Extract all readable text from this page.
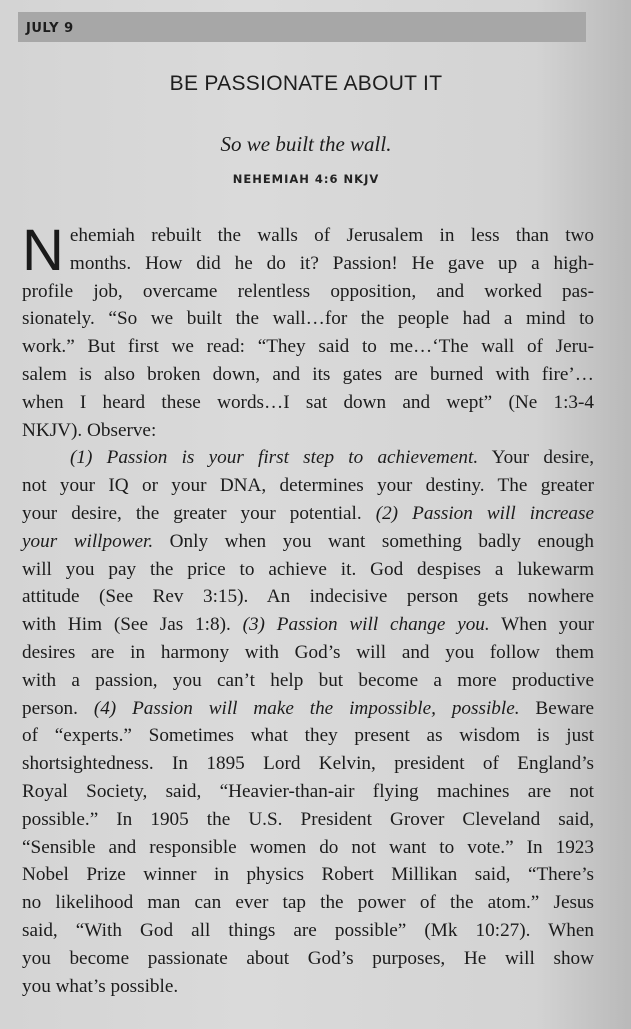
JULY 9
BE PASSIONATE ABOUT IT
So we built the wall.
NEHEMIAH 4:6 NKJV
N ehemiah rebuilt the walls of Jerusalem in less than two
months. How did he do it? Passion! He gave up a high-
profile job, overcame relentless opposition, and worked pas-
sionately. “So we built the wall…for the people had a mind to
work.” But first we read: “They said to me…‘The wall of Jeru-
salem is also broken down, and its gates are burned with fire’…
when I heard these words…I sat down and wept” (Ne 1:3-4
NKJV). Observe:
(1) Passion is your first step to achievement. Your desire,
not your IQ or your DNA, determines your destiny. The greater
your desire, the greater your potential. (2) Passion will increase
your willpower. Only when you want something badly enough
will you pay the price to achieve it. God despises a lukewarm
attitude (See Rev 3:15). An indecisive person gets nowhere
with Him (See Jas 1:8). (3) Passion will change you. When your
desires are in harmony with God’s will and you follow them
with a passion, you can’t help but become a more productive
person. (4) Passion will make the impossible, possible. Beware
of “experts.” Sometimes what they present as wisdom is just
shortsightedness. In 1895 Lord Kelvin, president of England’s
Royal Society, said, “Heavier-than-air flying machines are not
possible.” In 1905 the U.S. President Grover Cleveland said,
“Sensible and responsible women do not want to vote.” In 1923
Nobel Prize winner in physics Robert Millikan said, “There’s
no likelihood man can ever tap the power of the atom.” Jesus
said, “With God all things are possible” (Mk 10:27). When
you become passionate about God’s purposes, He will show
you what’s possible.
